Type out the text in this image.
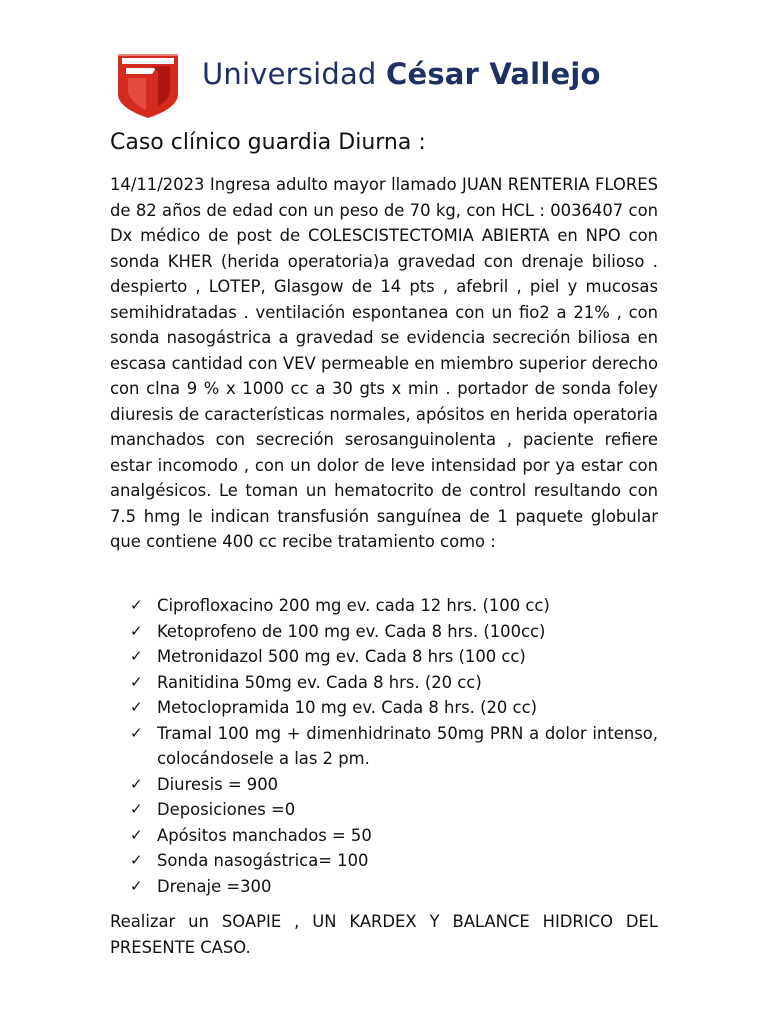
Universidad César Vallejo
Caso clínico guardia Diurna :
14/11/2023 Ingresa adulto mayor llamado JUAN RENTERIA FLORES de 82 años de edad con un peso de 70 kg, con HCL : 0036407 con Dx médico de post de COLESCISTECTOMIA ABIERTA en NPO con sonda KHER (herida operatoria)a gravedad con drenaje bilioso . despierto , LOTEP, Glasgow de 14 pts , afebril , piel y mucosas semihidratadas . ventilación espontanea con un fio2 a 21% , con sonda nasogástrica a gravedad se evidencia secreción biliosa en escasa cantidad con VEV permeable en miembro superior derecho con clna 9 % x 1000 cc a 30 gts x min . portador de sonda foley diuresis de características normales, apósitos en herida operatoria manchados con secreción serosanguinolenta , paciente refiere estar incomodo , con un dolor de leve intensidad por ya estar con analgésicos. Le toman un hematocrito de control resultando con 7.5 hmg le indican transfusión sanguínea de 1 paquete globular que contiene 400 cc recibe tratamiento como :
✓ Ciprofloxacino 200 mg ev. cada 12 hrs. (100 cc)
✓ Ketoprofeno de 100 mg ev. Cada 8 hrs. (100cc)
✓ Metronidazol 500 mg ev. Cada 8 hrs (100 cc)
✓ Ranitidina 50mg ev. Cada 8 hrs. (20 cc)
✓ Metoclopramida 10 mg ev. Cada 8 hrs. (20 cc)
✓ Tramal 100 mg + dimenhidrinato 50mg PRN a dolor intenso, colocándosele a las 2 pm.
✓ Diuresis = 900
✓ Deposiciones =0
✓ Apósitos manchados = 50
✓ Sonda nasogástrica= 100
✓ Drenaje =300
Realizar un SOAPIE , UN KARDEX Y BALANCE HIDRICO DEL PRESENTE CASO.
